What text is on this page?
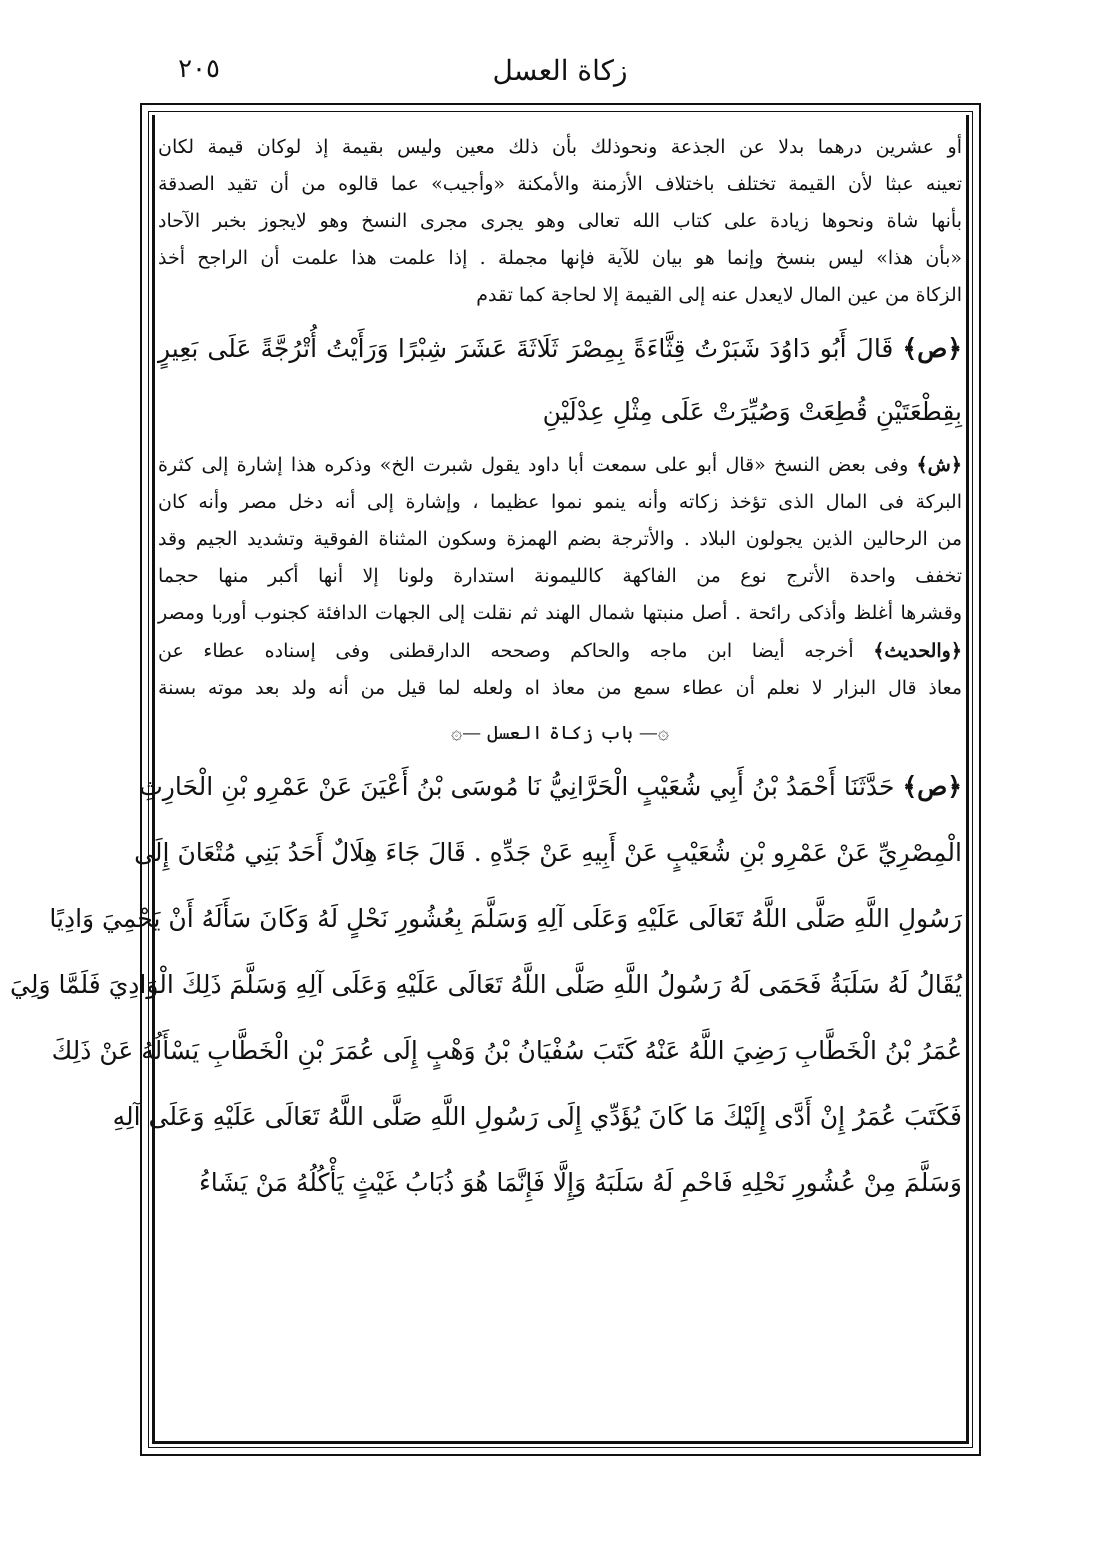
زكاة العسل
٢٠٥
أو عشرين درهما بدلا عن الجذعة ونحوذلك بأن ذلك معين وليس بقيمة إذ لوكان قيمة لكان
تعينه عبثا لأن القيمة تختلف باختلاف الأزمنة والأمكنة «وأجيب» عما قالوه من أن تقيد الصدقة
بأنها شاة ونحوها زيادة على كتاب الله تعالى وهو يجرى مجرى النسخ وهو لايجوز بخبر الآحاد
«بأن هذا» ليس بنسخ وإنما هو بيان للآية فإنها مجملة . إذا علمت هذا علمت أن الراجح أخذ
الزكاة من عين المال لايعدل عنه إلى القيمة إلا لحاجة كما تقدم
﴿ص﴾ قَالَ أَبُو دَاوُدَ شَبَرْتُ قِثَّاءَةً بِمِصْرَ ثَلَاثَةَ عَشَرَ شِبْرًا وَرَأَيْتُ أُتْرُجَّةً عَلَى بَعِيرٍ
بِقِطْعَتَيْنِ قُطِعَتْ وَصُيِّرَتْ عَلَى مِثْلِ عِدْلَيْنِ
﴿ش﴾ وفى بعض النسخ «قال أبو على سمعت أبا داود يقول شبرت الخ» وذكره هذا إشارة إلى كثرة
البركة فى المال الذى تؤخذ زكاته وأنه ينمو نموا عظيما ، وإشارة إلى أنه دخل مصر وأنه كان
من الرحالين الذين يجولون البلاد . والأترجة بضم الهمزة وسكون المثناة الفوقية وتشديد الجيم وقد
تخفف واحدة الأترج نوع من الفاكهة كالليمونة استدارة ولونا إلا أنها أكبر منها حجما
وقشرها أغلظ وأذكى رائحة . أصل منبتها شمال الهند ثم نقلت إلى الجهات الدافئة كجنوب أوربا ومصر
﴿والحديث﴾ أخرجه أيضا ابن ماجه والحاكم وصححه الدارقطنى وفى إسناده عطاء عن
معاذ قال البزار لا نعلم أن عطاء سمع من معاذ اه ولعله لما قيل من أنه ولد بعد موته بسنة
۞— باب زكاة العسل —۞
﴿ص﴾ حَدَّثَنَا أَحْمَدُ بْنُ أَبِي شُعَيْبٍ الْحَرَّانِيُّ نَا مُوسَى بْنُ أَعْيَنَ عَنْ عَمْرِو بْنِ الْحَارِثِ
الْمِصْرِيِّ عَنْ عَمْرِو بْنِ شُعَيْبٍ عَنْ أَبِيهِ عَنْ جَدِّهِ . قَالَ جَاءَ هِلَالٌ أَحَدُ بَنِي مُتْعَانَ إِلَى
رَسُولِ اللَّهِ صَلَّى اللَّهُ تَعَالَى عَلَيْهِ وَعَلَى آلِهِ وَسَلَّمَ بِعُشُورِ نَحْلٍ لَهُ وَكَانَ سَأَلَهُ أَنْ يَحْمِيَ وَادِيًا
يُقَالُ لَهُ سَلَبَةُ فَحَمَى لَهُ رَسُولُ اللَّهِ صَلَّى اللَّهُ تَعَالَى عَلَيْهِ وَعَلَى آلِهِ وَسَلَّمَ ذَلِكَ الْوَادِيَ فَلَمَّا وَلِيَ
عُمَرُ بْنُ الْخَطَّابِ رَضِيَ اللَّهُ عَنْهُ كَتَبَ سُفْيَانُ بْنُ وَهْبٍ إِلَى عُمَرَ بْنِ الْخَطَّابِ يَسْأَلُهُ عَنْ ذَلِكَ
فَكَتَبَ عُمَرُ إِنْ أَدَّى إِلَيْكَ مَا كَانَ يُؤَدِّي إِلَى رَسُولِ اللَّهِ صَلَّى اللَّهُ تَعَالَى عَلَيْهِ وَعَلَى آلِهِ
وَسَلَّمَ مِنْ عُشُورِ نَحْلِهِ فَاحْمِ لَهُ سَلَبَهُ وَإِلَّا فَإِنَّمَا هُوَ ذُبَابُ غَيْثٍ يَأْكُلُهُ مَنْ يَشَاءُ
